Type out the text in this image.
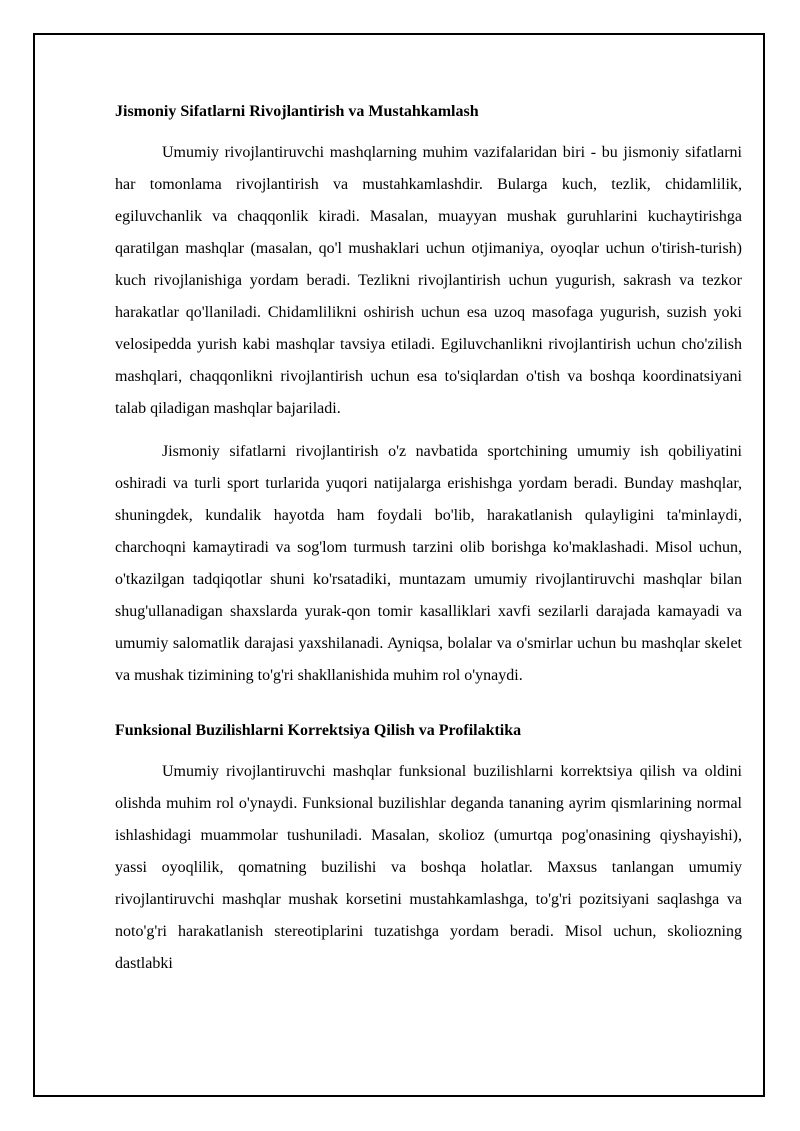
Jismoniy Sifatlarni Rivojlantirish va Mustahkamlash

Umumiy rivojlantiruvchi mashqlarning muhim vazifalaridan biri - bu jismoniy sifatlarni har tomonlama rivojlantirish va mustahkamlashdir. Bularga kuch, tezlik, chidamlilik, egiluvchanlik va chaqqonlik kiradi. Masalan, muayyan mushak guruhlarini kuchaytirishga qaratilgan mashqlar (masalan, qo'l mushaklari uchun otjimaniya, oyoqlar uchun o'tirish-turish) kuch rivojlanishiga yordam beradi. Tezlikni rivojlantirish uchun yugurish, sakrash va tezkor harakatlar qo'llaniladi. Chidamlilikni oshirish uchun esa uzoq masofaga yugurish, suzish yoki velosipedda yurish kabi mashqlar tavsiya etiladi. Egiluvchanlikni rivojlantirish uchun cho'zilish mashqlari, chaqqonlikni rivojlantirish uchun esa to'siqlardan o'tish va boshqa koordinatsiyani talab qiladigan mashqlar bajariladi.

Jismoniy sifatlarni rivojlantirish o'z navbatida sportchining umumiy ish qobiliyatini oshiradi va turli sport turlarida yuqori natijalarga erishishga yordam beradi. Bunday mashqlar, shuningdek, kundalik hayotda ham foydali bo'lib, harakatlanish qulayligini ta'minlaydi, charchoqni kamaytiradi va sog'lom turmush tarzini olib borishga ko'maklashadi. Misol uchun, o'tkazilgan tadqiqotlar shuni ko'rsatadiki, muntazam umumiy rivojlantiruvchi mashqlar bilan shug'ullanadigan shaxslarda yurak-qon tomir kasalliklari xavfi sezilarli darajada kamayadi va umumiy salomatlik darajasi yaxshilanadi. Ayniqsa, bolalar va o'smirlar uchun bu mashqlar skelet va mushak tizimining to'g'ri shakllanishida muhim rol o'ynaydi.

Funksional Buzilishlarni Korrektsiya Qilish va Profilaktika

Umumiy rivojlantiruvchi mashqlar funksional buzilishlarni korrektsiya qilish va oldini olishda muhim rol o'ynaydi. Funksional buzilishlar deganda tananing ayrim qismlarining normal ishlashidagi muammolar tushuniladi. Masalan, skolioz (umurtqa pog'onasining qiyshayishi), yassi oyoqlilik, qomatning buzilishi va boshqa holatlar. Maxsus tanlangan umumiy rivojlantiruvchi mashqlar mushak korsetini mustahkamlashga, to'g'ri pozitsiyani saqlashga va noto'g'ri harakatlanish stereotiplarini tuzatishga yordam beradi. Misol uchun, skoliozning dastlabki
